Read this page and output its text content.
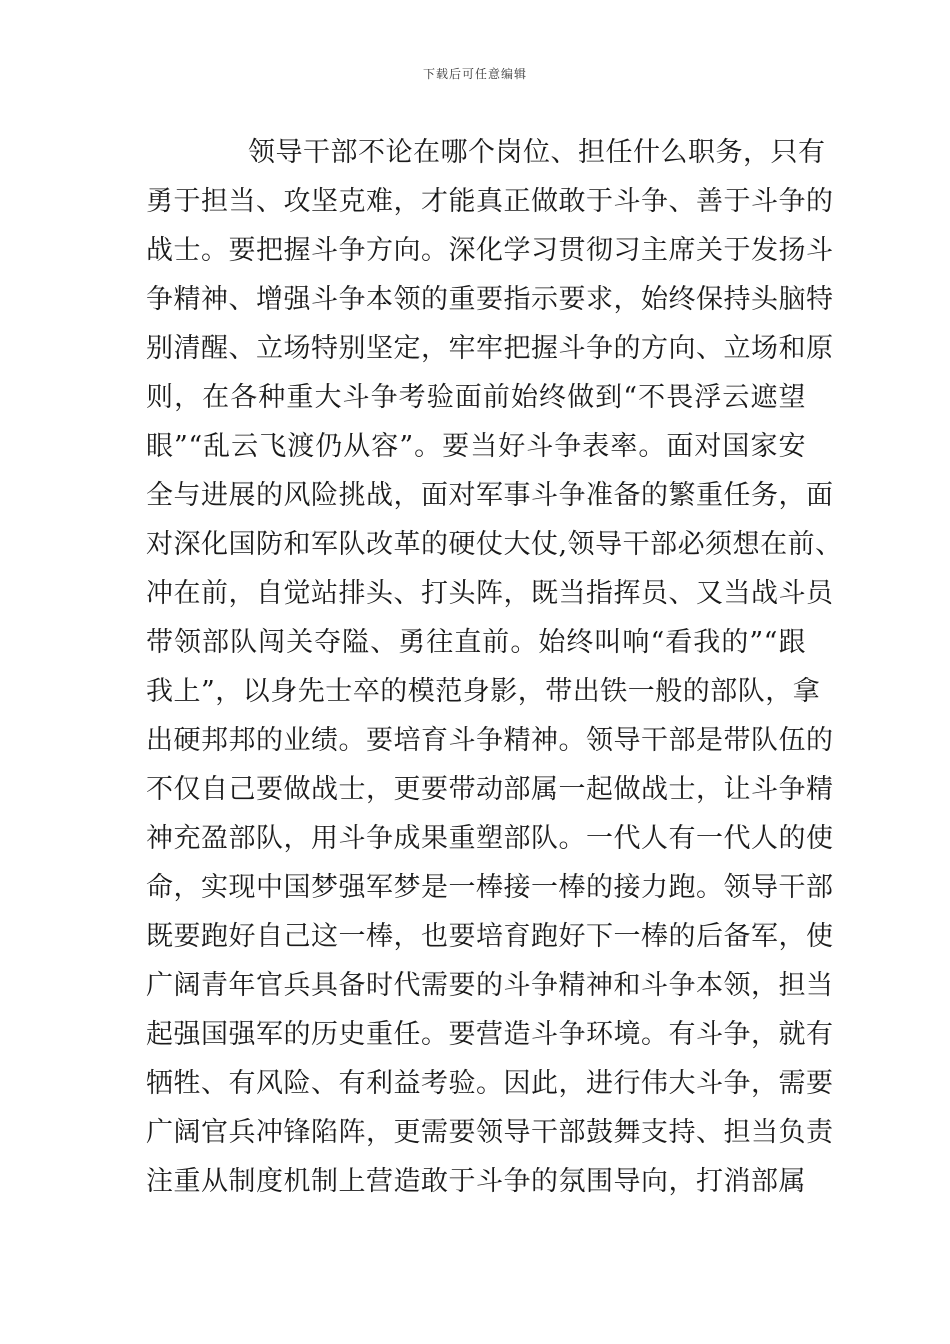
下载后可任意编辑
领导干部不论在哪个岗位、担任什么职务，只有
勇于担当、攻坚克难，才能真正做敢于斗争、善于斗争的
战士。要把握斗争方向。深化学习贯彻习主席关于发扬斗
争精神、增强斗争本领的重要指示要求，始终保持头脑特
别清醒、立场特别坚定，牢牢把握斗争的方向、立场和原
则，在各种重大斗争考验面前始终做到“不畏浮云遮望
眼”“乱云飞渡仍从容”。要当好斗争表率。面对国家安
全与进展的风险挑战，面对军事斗争准备的繁重任务，面
对深化国防和军队改革的硬仗大仗,领导干部必须想在前、
冲在前，自觉站排头、打头阵，既当指挥员、又当战斗员
带领部队闯关夺隘、勇往直前。始终叫响“看我的”“跟
我上”，以身先士卒的模范身影，带出铁一般的部队，拿
出硬邦邦的业绩。要培育斗争精神。领导干部是带队伍的
不仅自己要做战士，更要带动部属一起做战士，让斗争精
神充盈部队，用斗争成果重塑部队。一代人有一代人的使
命，实现中国梦强军梦是一棒接一棒的接力跑。领导干部
既要跑好自己这一棒，也要培育跑好下一棒的后备军，使
广阔青年官兵具备时代需要的斗争精神和斗争本领，担当
起强国强军的历史重任。要营造斗争环境。有斗争，就有
牺牲、有风险、有利益考验。因此，进行伟大斗争，需要
广阔官兵冲锋陷阵，更需要领导干部鼓舞支持、担当负责
注重从制度机制上营造敢于斗争的氛围导向，打消部属
